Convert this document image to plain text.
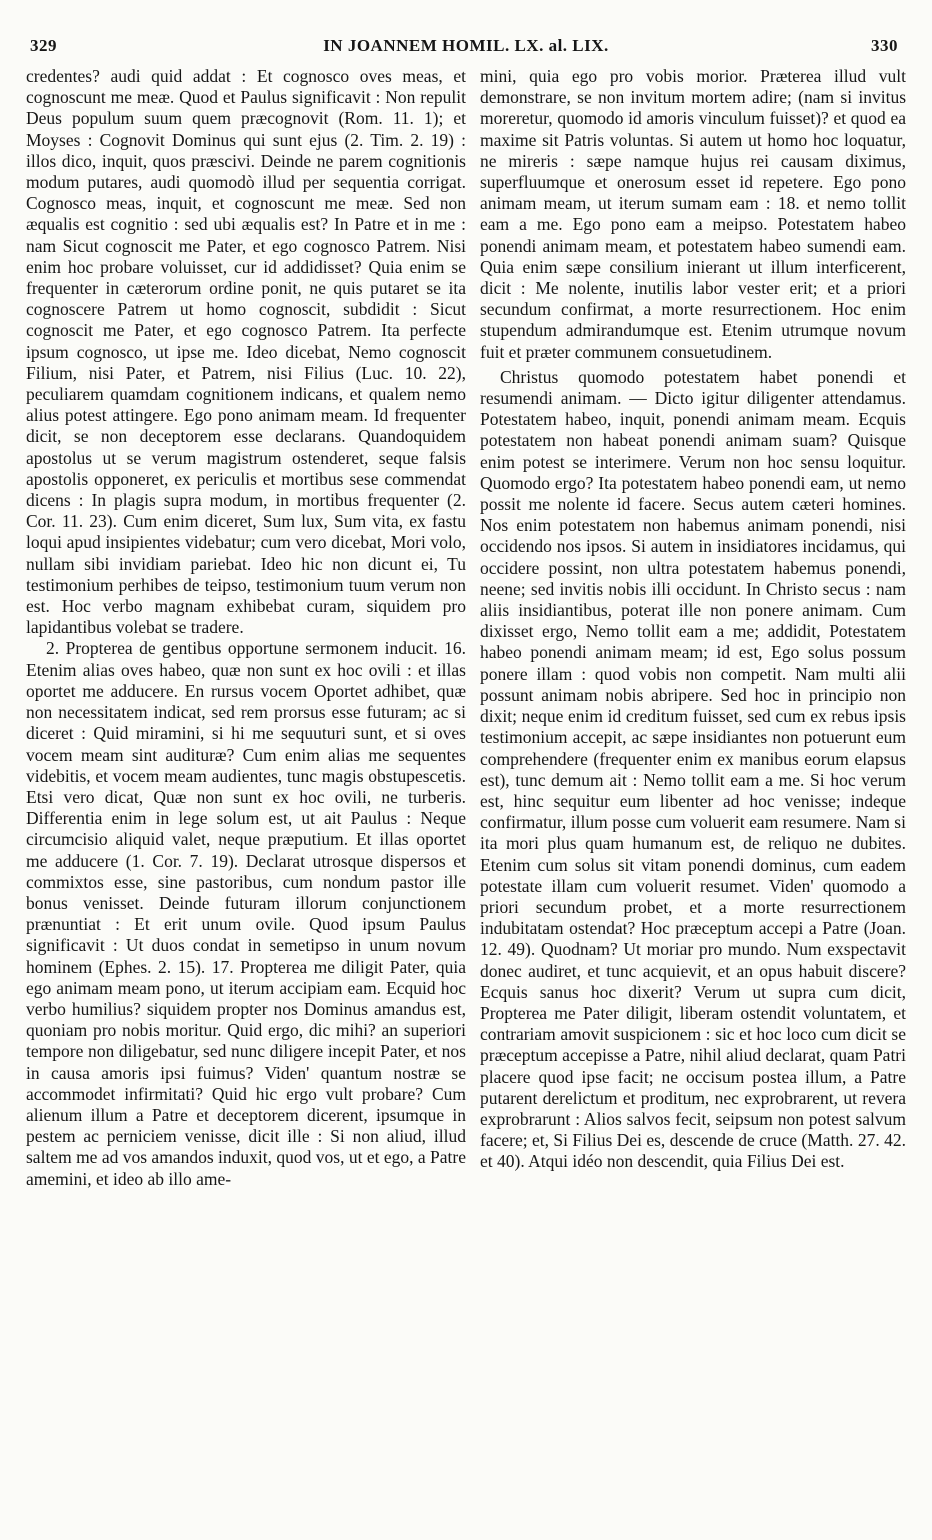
329	IN JOANNEM HOMIL. LX. al. LIX.	330

credentes? audi quid addat : Et cognosco oves meas, et cognoscunt me meæ. Quod et Paulus significavit : Non repulit Deus populum suum quem præcognovit (Rom. 11. 1); et Moyses : Cognovit Dominus qui sunt ejus (2. Tim. 2. 19) : illos dico, inquit, quos præscivi. Deinde ne parem cognitionis modum putares, audi quomodò illud per sequentia corrigat. Cognosco meas, inquit, et cognoscunt me meæ. Sed non æqualis est cognitio : sed ubi æqualis est? In Patre et in me : nam Sicut cognoscit me Pater, et ego cognosco Patrem. Nisi enim hoc probare voluisset, cur id addidisset? Quia enim se frequenter in cæterorum ordine ponit, ne quis putaret se ita cognoscere Patrem ut homo cognoscit, subdidit : Sicut cognoscit me Pater, et ego cognosco Patrem. Ita perfecte ipsum cognosco, ut ipse me. Ideo dicebat, Nemo cognoscit Filium, nisi Pater, et Patrem, nisi Filius (Luc. 10. 22), peculiarem quamdam cognitionem indicans, et qualem nemo alius potest attingere. Ego pono animam meam. Id frequenter dicit, se non deceptorem esse declarans. Quandoquidem apostolus ut se verum magistrum ostenderet, seque falsis apostolis opponeret, ex periculis et mortibus sese commendat dicens : In plagis supra modum, in mortibus frequenter (2. Cor. 11. 23). Cum enim diceret, Sum lux, Sum vita, ex fastu loqui apud insipientes videbatur; cum vero dicebat, Mori volo, nullam sibi invidiam pariebat. Ideo hic non dicunt ei, Tu testimonium perhibes de teipso, testimonium tuum verum non est. Hoc verbo magnam exhibebat curam, siquidem pro lapidantibus volebat se tradere.

2. Propterea de gentibus opportune sermonem inducit. 16. Etenim alias oves habeo, quæ non sunt ex hoc ovili : et illas oportet me adducere. En rursus vocem Oportet adhibet, quæ non necessitatem indicat, sed rem prorsus esse futuram; ac si diceret : Quid miramini, si hi me sequuturi sunt, et si oves vocem meam sint audituræ? Cum enim alias me sequentes videbitis, et vocem meam audientes, tunc magis obstupescetis. Etsi vero dicat, Quæ non sunt ex hoc ovili, ne turberis. Differentia enim in lege solum est, ut ait Paulus : Neque circumcisio aliquid valet, neque præputium. Et illas oportet me adducere (1. Cor. 7. 19). Declarat utrosque dispersos et commixtos esse, sine pastoribus, cum nondum pastor ille bonus venisset. Deinde futuram illorum conjunctionem prænuntiat : Et erit unum ovile. Quod ipsum Paulus significavit : Ut duos condat in semetipso in unum novum hominem (Ephes. 2. 15). 17. Propterea me diligit Pater, quia ego animam meam pono, ut iterum accipiam eam. Ecquid hoc verbo humilius? siquidem propter nos Dominus amandus est, quoniam pro nobis moritur. Quid ergo, dic mihi? an superiori tempore non diligebatur, sed nunc diligere incepit Pater, et nos in causa amoris ipsi fuimus? Viden' quantum nostræ se accommodet infirmitati? Quid hic ergo vult probare? Cum alienum illum a Patre et deceptorem dicerent, ipsumque in pestem ac perniciem venisse, dicit ille : Si non aliud, illud saltem me ad vos amandos induxit, quod vos, ut et ego, a Patre amemini, et ideo ab illo ame-

mini, quia ego pro vobis morior. Præterea illud vult demonstrare, se non invitum mortem adire; (nam si invitus moreretur, quomodo id amoris vinculum fuisset)? et quod ea maxime sit Patris voluntas. Si autem ut homo hoc loquatur, ne mireris : sæpe namque hujus rei causam diximus, superfluumque et onerosum esset id repetere. Ego pono animam meam, ut iterum sumam eam : 18. et nemo tollit eam a me. Ego pono eam a meipso. Potestatem habeo ponendi animam meam, et potestatem habeo sumendi eam. Quia enim sæpe consilium inierant ut illum interficerent, dicit : Me nolente, inutilis labor vester erit; et a priori secundum confirmat, a morte resurrectionem. Hoc enim stupendum admirandumque est. Etenim utrumque novum fuit et præter communem consuetudinem.

Christus quomodo potestatem habet ponendi et resumendi animam. — Dicto igitur diligenter attendamus. Potestatem habeo, inquit, ponendi animam meam. Ecquis potestatem non habeat ponendi animam suam? Quisque enim potest se interimere. Verum non hoc sensu loquitur. Quomodo ergo? Ita potestatem habeo ponendi eam, ut nemo possit me nolente id facere. Secus autem cæteri homines. Nos enim potestatem non habemus animam ponendi, nisi occidendo nos ipsos. Si autem in insidiatores incidamus, qui occidere possint, non ultra potestatem habemus ponendi, neene; sed invitis nobis illi occidunt. In Christo secus : nam aliis insidiantibus, poterat ille non ponere animam. Cum dixisset ergo, Nemo tollit eam a me; addidit, Potestatem habeo ponendi animam meam; id est, Ego solus possum ponere illam : quod vobis non competit. Nam multi alii possunt animam nobis abripere. Sed hoc in principio non dixit; neque enim id creditum fuisset, sed cum ex rebus ipsis testimonium accepit, ac sæpe insidiantes non potuerunt eum comprehendere (frequenter enim ex manibus eorum elapsus est), tunc demum ait : Nemo tollit eam a me. Si hoc verum est, hinc sequitur eum libenter ad hoc venisse; indeque confirmatur, illum posse cum voluerit eam resumere. Nam si ita mori plus quam humanum est, de reliquo ne dubites. Etenim cum solus sit vitam ponendi dominus, cum eadem potestate illam cum voluerit resumet. Viden' quomodo a priori secundum probet, et a morte resurrectionem indubitatam ostendat? Hoc præceptum accepi a Patre (Joan. 12. 49). Quodnam? Ut moriar pro mundo. Num exspectavit donec audiret, et tunc acquievit, et an opus habuit discere? Ecquis sanus hoc dixerit? Verum ut supra cum dicit, Propterea me Pater diligit, liberam ostendit voluntatem, et contrariam amovit suspicionem : sic et hoc loco cum dicit se præceptum accepisse a Patre, nihil aliud declarat, quam Patri placere quod ipse facit; ne occisum postea illum, a Patre putarent derelictum et proditum, nec exprobrarent, ut revera exprobrarunt : Alios salvos fecit, seipsum non potest salvum facere; et, Si Filius Dei es, descende de cruce (Matth. 27. 42. et 40). Atqui idéo non descendit, quia Filius Dei est.
